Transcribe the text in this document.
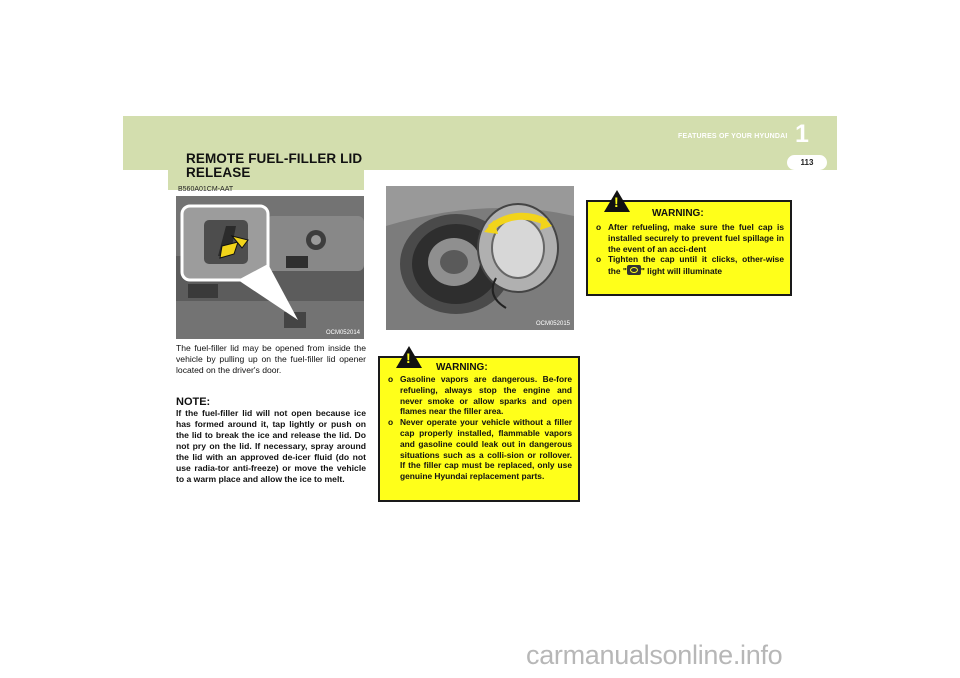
REMOTE FUEL-FILLER LID RELEASE
FEATURES OF YOUR HYUNDAI 1
113
B560A01CM-AAT
OCM052014
OCM052015
The fuel-filler lid may be opened from inside the vehicle by pulling up on the fuel-filler lid opener located on the driver's door.
NOTE:
If the fuel-filler lid will not open because ice has formed around it, tap lightly or push on the lid to break the ice and release the lid. Do not pry on the lid. If necessary, spray around the lid with an approved de-icer fluid (do not use radia-tor anti-freeze) or move the vehicle to a warm place and allow the ice to melt.
!
WARNING:
o Gasoline vapors are dangerous. Be-fore refueling, always stop the engine and never smoke or allow sparks and open flames near the filler area.
o Never operate your vehicle without a filler cap properly installed, flammable vapors and gasoline could leak out in dangerous situations such as a colli-sion or rollover. If the filler cap must be replaced, only use genuine Hyundai replacement parts.
!
WARNING:
o After refueling, make sure the fuel cap is installed securely to prevent fuel spillage in the event of an acci-dent
o Tighten the cap until it clicks, other-wise the " " light will illuminate
carmanualsonline.info
